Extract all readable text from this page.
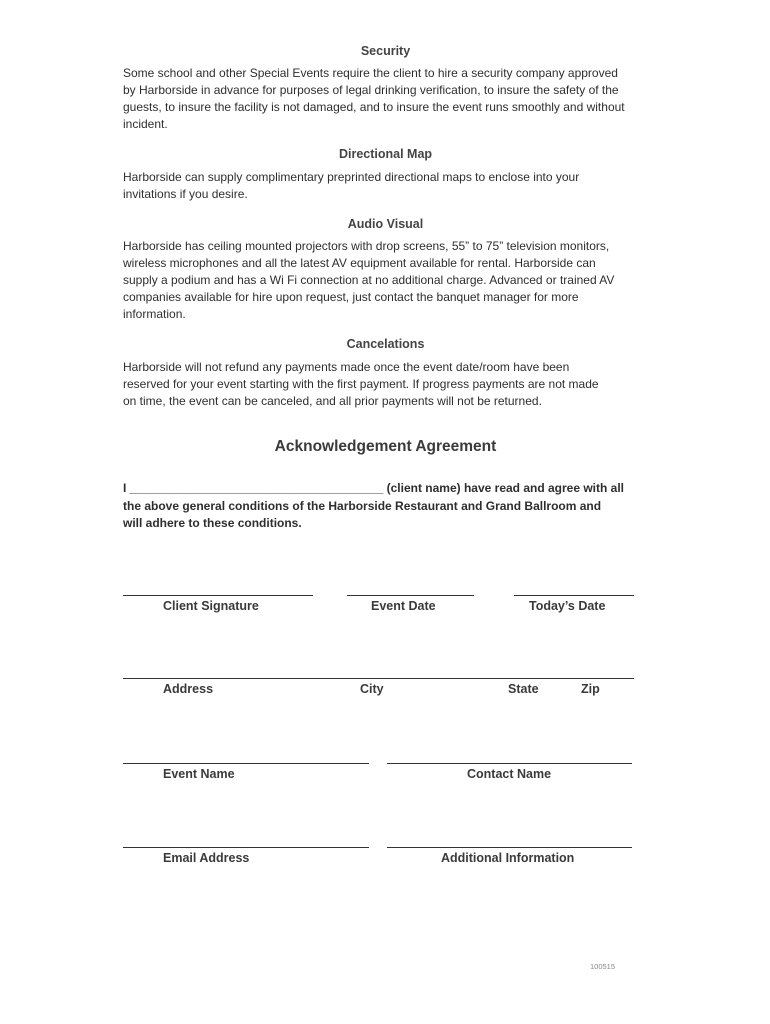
Security
Some school and other Special Events require the client to hire a security company approved
by Harborside in advance for purposes of legal drinking verification, to insure the safety of the
guests, to insure the facility is not damaged, and to insure the event runs smoothly and without
incident.
Directional Map
Harborside can supply complimentary preprinted directional maps to enclose into your
invitations if you desire.
Audio Visual
Harborside has ceiling mounted projectors with drop screens, 55” to 75” television monitors,
wireless microphones and all the latest AV equipment available for rental. Harborside can
supply a podium and has a Wi Fi connection at no additional charge. Advanced or trained AV
companies available for hire upon request, just contact the banquet manager for more
information.
Cancelations
Harborside will not refund any payments made once the event date/room have been
reserved for your event starting with the first payment. If progress payments are not made
on time, the event can be canceled, and all prior payments will not be returned.
Acknowledgement Agreement
I ______________________________________ (client name) have read and agree with all
the above general conditions of the Harborside Restaurant and Grand Ballroom and
will adhere to these conditions.
Client Signature	Event Date	Today’s Date
Address	City	State	Zip
Event Name	Contact Name
Email Address	Additional Information
100515
